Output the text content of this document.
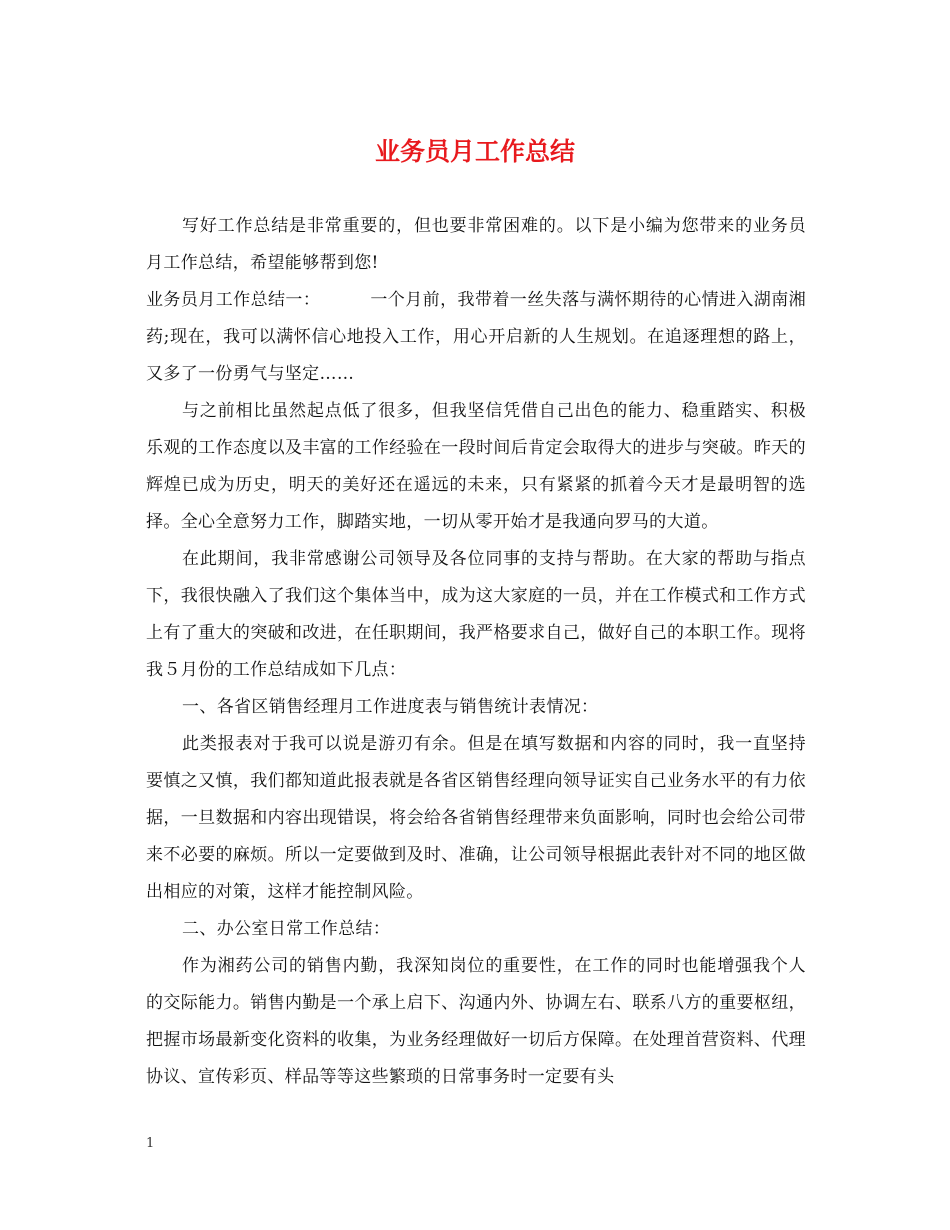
业务员月工作总结

写好工作总结是非常重要的，但也要非常困难的。以下是小编为您带来的业务员月工作总结，希望能够帮到您!

业务员月工作总结一：	一个月前，我带着一丝失落与满怀期待的心情进入湖南湘药;现在，我可以满怀信心地投入工作，用心开启新的人生规划。在追逐理想的路上，又多了一份勇气与坚定……

与之前相比虽然起点低了很多，但我坚信凭借自己出色的能力、稳重踏实、积极乐观的工作态度以及丰富的工作经验在一段时间后肯定会取得大的进步与突破。昨天的辉煌已成为历史，明天的美好还在遥远的未来，只有紧紧的抓着今天才是最明智的选择。全心全意努力工作，脚踏实地，一切从零开始才是我通向罗马的大道。

在此期间，我非常感谢公司领导及各位同事的支持与帮助。在大家的帮助与指点下，我很快融入了我们这个集体当中，成为这大家庭的一员，并在工作模式和工作方式上有了重大的突破和改进，在任职期间，我严格要求自己，做好自己的本职工作。现将我５月份的工作总结成如下几点：

一、各省区销售经理月工作进度表与销售统计表情况：

此类报表对于我可以说是游刃有余。但是在填写数据和内容的同时，我一直坚持要慎之又慎，我们都知道此报表就是各省区销售经理向领导证实自己业务水平的有力依据，一旦数据和内容出现错误，将会给各省销售经理带来负面影响，同时也会给公司带来不必要的麻烦。所以一定要做到及时、准确，让公司领导根据此表针对不同的地区做出相应的对策，这样才能控制风险。

二、办公室日常工作总结：

作为湘药公司的销售内勤，我深知岗位的重要性，在工作的同时也能增强我个人的交际能力。销售内勤是一个承上启下、沟通内外、协调左右、联系八方的重要枢纽，把握市场最新变化资料的收集，为业务经理做好一切后方保障。在处理首营资料、代理协议、宣传彩页、样品等等这些繁琐的日常事务时一定要有头

1
